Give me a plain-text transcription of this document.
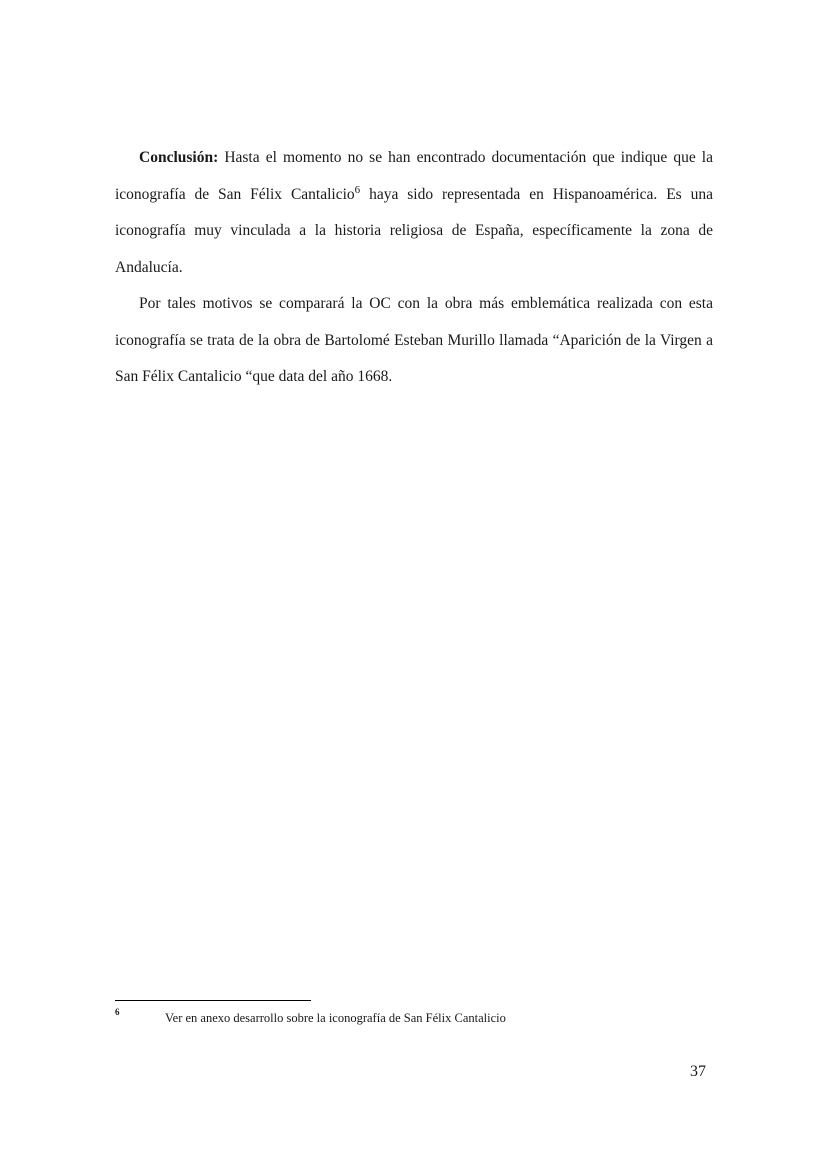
Conclusión: Hasta el momento no se han encontrado documentación que indique que la iconografía de San Félix Cantalicio$^6$ haya sido representada en Hispanoamérica. Es una iconografía muy vinculada a la historia religiosa de España, específicamente la zona de Andalucía.

Por tales motivos se comparará la OC con la obra más emblemática realizada con esta iconografía se trata de la obra de Bartolomé Esteban Murillo llamada “Aparición de la Virgen a San Félix Cantalicio “que data del año 1668.

6	Ver en anexo desarrollo sobre la iconografía de San Félix Cantalicio
37
